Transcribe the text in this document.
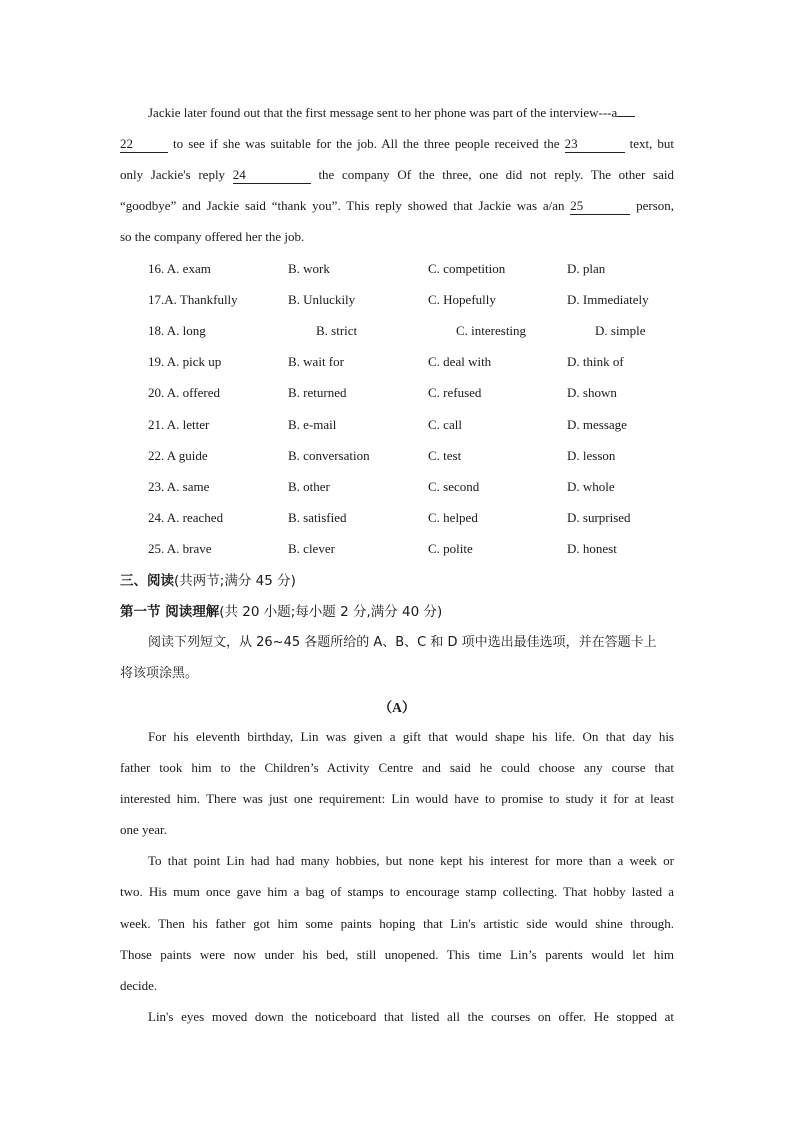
Jackie later found out that the first message sent to her phone was part of the interview---a
22	to see if she was suitable for the job. All the three people received the 23	text, but
only Jackie's reply 24	the company Of the three, one did not reply. The other said
“goodbye” and Jackie said “thank you”. This reply showed that Jackie was a/an 25	person,
so the company offered her the job.
16. A. exam	B. work	C. competition	D. plan
17.A. Thankfully	B. Unluckily	C. Hopefully	D. Immediately
18. A. long	B. strict	C. interesting	D. simple
19. A. pick up	B. wait for	C. deal with	D. think of
20. A. offered	B. returned	C. refused	D. shown
21. A. letter	B. e-mail	C. call	D. message
22. A guide	B. conversation	C. test	D. lesson
23. A. same	B. other	C. second	D. whole
24. A. reached	B. satisfied	C. helped	D. surprised
25. A. brave	B. clever	C. polite	D. honest
三、阅读(共两节;满分 45 分)
第一节 阅读理解(共 20 小题;每小题 2 分,满分 40 分)
阅读下列短文，从 26~45 各题所给的 A、B、C 和 D 项中选出最佳选项，并在答题卡上
将该项涂黑。
（A）
For his eleventh birthday, Lin was given a gift that would shape his life. On that day his
father took him to the Children’s Activity Centre and said he could choose any course that
interested him. There was just one requirement: Lin would have to promise to study it for at least
one year.
To that point Lin had had many hobbies, but none kept his interest for more than a week or
two. His mum once gave him a bag of stamps to encourage stamp collecting. That hobby lasted a
week. Then his father got him some paints hoping that Lin's artistic side would shine through.
Those paints were now under his bed, still unopened. This time Lin’s parents would let him
decide.
Lin's eyes moved down the noticeboard that listed all the courses on offer. He stopped at
